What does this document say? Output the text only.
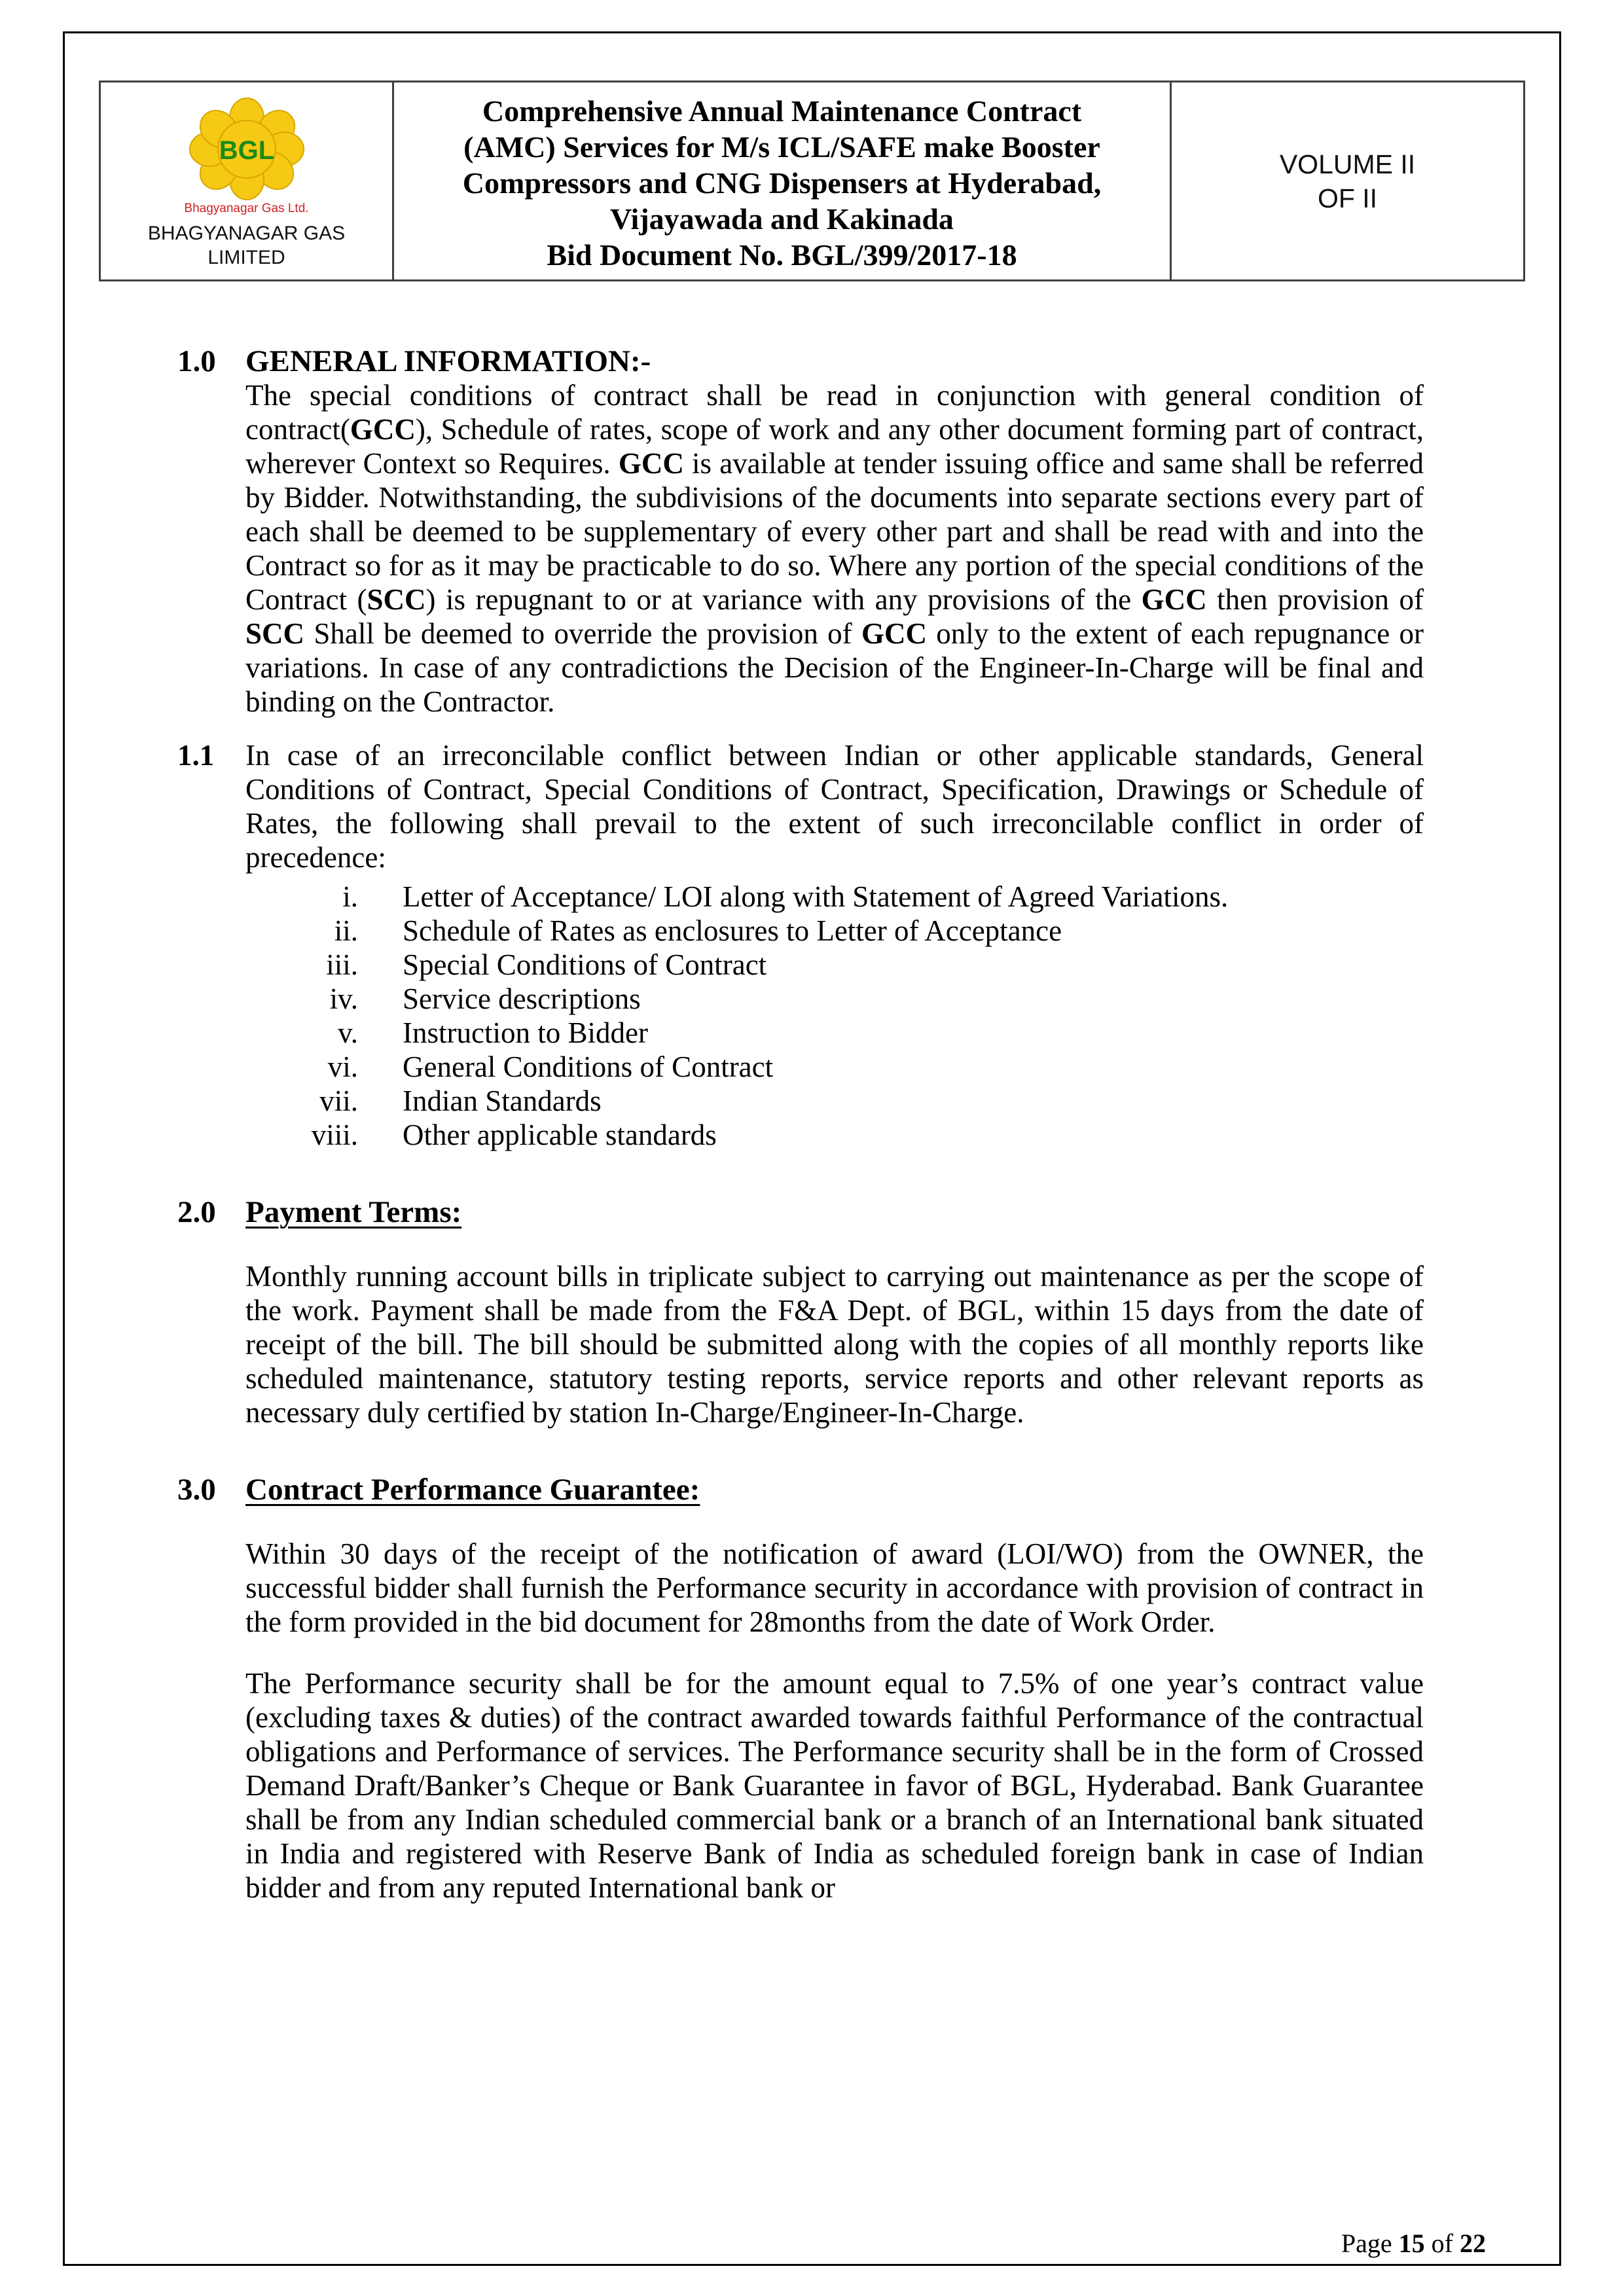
BGL
Bhagyanagar Gas Ltd.
BHAGYANAGAR GAS LIMITED
Comprehensive Annual Maintenance Contract
(AMC) Services for M/s ICL/SAFE make Booster
Compressors and CNG Dispensers at Hyderabad,
Vijayawada and Kakinada
Bid Document No. BGL/399/2017-18
VOLUME II
OF II
1.0 GENERAL INFORMATION:-

The special conditions of contract shall be read in conjunction with general condition of contract(GCC), Schedule of rates, scope of work and any other document forming part of contract, wherever Context so Requires. GCC is available at tender issuing office and same shall be referred by Bidder. Notwithstanding, the subdivisions of the documents into separate sections every part of each shall be deemed to be supplementary of every other part and shall be read with and into the Contract so for as it may be practicable to do so. Where any portion of the special conditions of the Contract (SCC) is repugnant to or at variance with any provisions of the GCC then provision of SCC Shall be deemed to override the provision of GCC only to the extent of each repugnance or variations. In case of any contradictions the Decision of the Engineer-In-Charge will be final and binding on the Contractor.

1.1	In case of an irreconcilable conflict between Indian or other applicable standards, General Conditions of Contract, Special Conditions of Contract, Specification, Drawings or Schedule of Rates, the following shall prevail to the extent of such irreconcilable conflict in order of precedence:

i. Letter of Acceptance/ LOI along with Statement of Agreed Variations.
ii. Schedule of Rates as enclosures to Letter of Acceptance
iii. Special Conditions of Contract
iv. Service descriptions
v. Instruction to Bidder
vi. General Conditions of Contract
vii. Indian Standards
viii. Other applicable standards
2.0 Payment Terms:

Monthly running account bills in triplicate subject to carrying out maintenance as per the scope of the work. Payment shall be made from the F&A Dept. of BGL, within 15 days from the date of receipt of the bill. The bill should be submitted along with the copies of all monthly reports like scheduled maintenance, statutory testing reports, service reports and other relevant reports as necessary duly certified by station In-Charge/Engineer-In-Charge.

3.0 Contract Performance Guarantee:

Within 30 days of the receipt of the notification of award (LOI/WO) from the OWNER, the successful bidder shall furnish the Performance security in accordance with provision of contract in the form provided in the bid document for 28months from the date of Work Order.

The Performance security shall be for the amount equal to 7.5% of one year’s contract value (excluding taxes & duties) of the contract awarded towards faithful Performance of the contractual obligations and Performance of services. The Performance security shall be in the form of Crossed Demand Draft/Banker’s Cheque or Bank Guarantee in favor of BGL, Hyderabad. Bank Guarantee shall be from any Indian scheduled commercial bank or a branch of an International bank situated in India and registered with Reserve Bank of India as scheduled foreign bank in case of Indian bidder and from any reputed International bank or

Page 15 of 22
